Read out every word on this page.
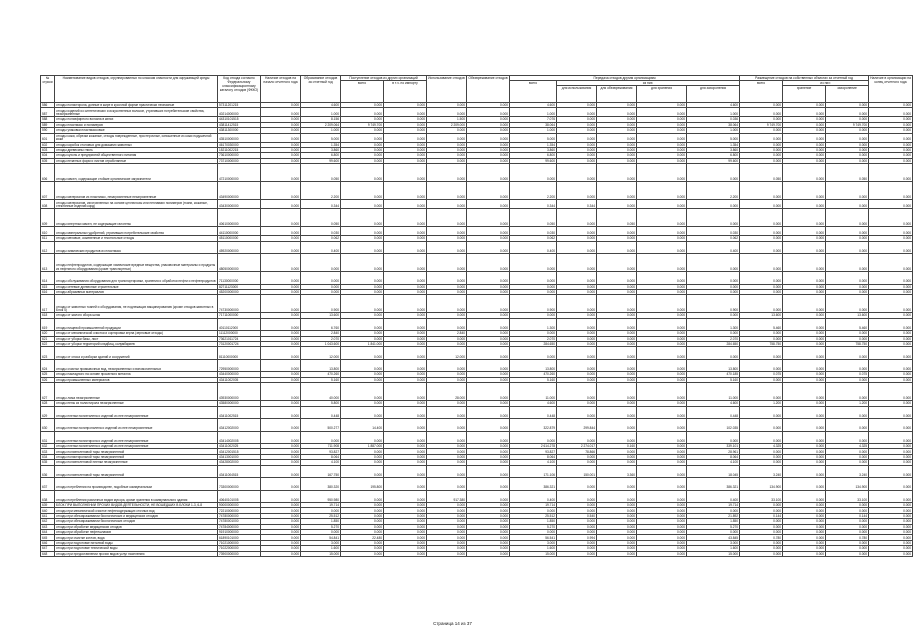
№ строки	Наименование видов отходов, сгруппированных по классам опасности для окружающей среды	Код отхода согласно Федеральному классификационному каталогу отходов (ФККО)	Наличие отходов на начало отчетного года	Образование отходов за отчетный год	Поступление отходов из других организаций		Использование отходов	Обезвреживание отходов	Передача отходов другим организациям					Размещение отходов на собственных объектах за отчетный год			Наличие в организации на конец отчетного года
					всего	в т.ч. по импорту			всего	из них:				всего	из них:		
										для использования	для обезвреживания	для хранения	для захоронения		хранение	захоронение	
586	отходы полистирола, донные в жире в кусочной форме практически неопасные	57311201215	0.000	4.600	0.000	0.000	0.000	0.000	4.600	0.000	0.000	0.000	4.600	0.000	0.000	0.000	0.000
587	отходы изделий из синтетических и искусственных волокон, утративших потребительские свойства, незагрязненные	40214000000	0.000	1.000	0.000	0.000	0.000	0.000	1.000	0.000	0.000	0.000	1.000	0.000	0.000	0.000	0.000
588	отходы полиэфирного волокна в кипах	44310101515	0.000	8.156	0.000	0.000	1.500	0.000	7.076	0.000	0.000	0.000	0.036	0.000	0.000	0.000	0.000
589	отходы пластмасс и полимеров	43811412515	0.000	2 209.064	9 749.700	0.000	2 209.000	0.000	38.064	0.000	0.000	0.000	38.064	9 749.700	0.000	9 749.700	0.000
590	отходы упаковки пластмассовые	43811300000	0.000	1.000	0.000	0.000	0.000	0.000	1.000	0.000	0.000	0.000	1.000	0.000	0.000	0.000	0.000
601	отходы кожи, обрезки кожаные, отходы поврежденные, простерочные, изношенные из кожи подушечной кожи	43510000000	0.000	5.000	0.000	0.000	0.000	0.000	5.000	0.000	0.000	0.000	5.000	0.000	0.000	0.000	0.000
602	отходы коробок столовых для домашних животных	46170030000	0.000	1.354	0.000	0.000	0.000	0.000	1.354	0.000	0.000	0.000	1.354	0.000	0.000	0.000	0.000
603	отходы древесины гниль	15211002215	0.000	3.860	0.000	0.000	0.000	0.000	3.860	0.000	0.000	0.000	3.860	0.000	0.000	0.000	0.000
604	отходы кухонь и предприятий общественного питания	73610000000	0.000	6.800	0.000	0.000	0.000	0.000	6.800	0.000	0.000	0.000	6.800	0.000	0.000	0.000	0.000
605	отходы печатных форм и листов отработанные	73710000000	0.000	99.600	0.000	0.000	0.000	0.000	99.600	0.000	0.000	0.000	99.600	0.000	0.000	0.000	0.000
606	отходы масел, содержащие стойкие органические загрязнители	47210000000	0.000	0.050	0.000	0.000	0.000	0.000	0.000	0.000	0.000	0.000	0.000	0.050	0.000	0.050	0.000
607	отходы материалов из пластмасс, незагрязненные незагрязненные	43490000000	0.000	2.200	0.000	0.000	0.000	0.000	2.200	0.000	0.000	0.000	2.200	0.000	0.000	0.000	0.000
608	отходы материалов, изготовленных на основе целлюлозы или неплавких полимеров (ткани, кожаные, стеклянные изделий корд)	43430000000	0.000	0.344	0.000	0.000	0.000	0.000	0.344	0.344	0.000	0.000	0.000	0.000	0.000	0.000	0.000
609	отходы инертных масел, не содержащие галогены	40610000000	0.000	0.050	0.000	0.000	0.000	0.000	0.050	0.000	0.050	0.000	0.000	0.000	0.000	0.000	0.000
610	отходы минеральных удобрений, утративших потребительские свойства	44110000000	0.000	0.030	0.000	0.000	0.000	0.000	0.030	0.000	0.000	0.000	0.030	0.000	0.000	0.000	0.000
611	отходы меховые, кожевенные и текстильные отходы	45110000000	0.000	0.062	0.000	0.000	0.000	0.000	0.062	0.000	0.000	0.000	0.062	0.000	0.000	0.000	0.000
612	отходы химических продуктов из пластмасс	45920000000	0.000	0.400	0.000	0.000	0.000	0.000	0.400	0.000	0.000	0.000	0.400	0.000	0.000	0.000	0.000
613	отходы нефтепродуктов, содержащие химические вредные вещества, упаковочные материалы и продукты из нефтяного оборудования (кроме транспортных)	48050000000	0.000	0.000	0.000	0.000	0.000	0.000	0.000	0.000	0.000	0.000	0.000	0.000	0.000	0.000	0.000
614	отходы обслуживания оборудования для транспортировки, хранения и обработки нефти и нефтепродуктов	71130000000	0.000	0.000	0.000	0.000	0.000	0.000	0.000	0.000	0.000	0.000	0.000	0.000	0.000	0.000	0.000
615	отходы сетевые древесные строительные	82711123000	0.000	0.000	0.000	0.000	0.000	0.000	0.000	0.000	0.000	0.000	0.000	0.000	0.000	0.000	0.000
616	отходы абразивных материалов	45200000000	0.000	0.000	0.000	0.000	0.000	0.000	0.000	0.000	0.000	0.000	0.000	0.000	0.000	0.000	0.000
617	отходы от животных тканей и оборудования, не подлежащих вакцинированию (кроме отходов животных в Блок 4)	74730000000	0.000	0.900	0.000	0.000	0.000	0.000	0.900	0.000	0.000	0.000	0.900	0.000	0.000	0.000	0.000
618	отходы от жилого сбора шлак	71711000000	0.000	13.600	0.000	0.000	0.000	0.000	0.000	0.000	0.000	0.000	0.000	13.600	0.000	13.600	0.000
619	отходы пищевой промышленной продукции	40110112000	0.000	6.760	0.000	0.000	0.000	0.000	1.300	0.000	0.000	0.000	1.300	5.460	0.000	5.460	0.000
620	отходы от механической очистки и сортировки зерна (зерновые отходы)	11112000000	0.000	2.840	0.000	0.000	2.840	0.000	0.000	0.000	0.000	0.000	0.000	0.000	0.000	0.000	0.000
621	отходы от уборки базы, лист	73621011724	0.000	2.070	0.000	0.000	0.000	0.000	2.070	0.000	0.000	0.000	2.070	0.000	0.000	0.000	0.000
622	отходы от уборки территорий кладбищ, колумбариев	73120001724	0.000	1 043.600	1 841.000	0.000	0.000	0.000	284.650	0.000	0.000	0.000	284.650	758.750	0.000	758.750	0.000
623	отходы от сноса и разборки зданий и сооружений	81110000000	0.000	12.000	0.000	0.000	12.000	0.000	0.000	0.000	0.000	0.000	0.000	0.000	0.000	0.000	0.000
624	отходы очистки промывочных вод, незагрязненных и вспомогательных	72950000000	0.000	13.800	0.000	0.000	0.000	0.000	13.800	0.000	0.000	0.000	13.800	0.000	0.000	0.000	0.000
625	отходы накладного на основе прокатного металла	43440000000	0.000	470.260	0.000	0.000	0.000	0.000	470.260	0.000	0.000	0.000	470.185	0.075	0.000	0.075	0.000
626	отходы промышленных материалов	43411002005	0.000	5.160	0.000	0.000	0.000	0.000	5.160	0.000	0.000	0.000	5.160	0.000	0.000	0.000	0.000
627	отходы лома незагрязненные	43930000000	0.000	40.000	0.000	0.000	28.000	0.000	11.000	0.000	0.000	0.000	11.000	0.000	0.000	0.000	0.000
628	отходы пены из полистирола незагрязненные	43580000000	0.000	5.800	0.000	0.000	0.000	0.000	4.600	0.000	0.000	0.000	4.600	1.200	0.000	1.200	0.000
629	отходы пленки полиэтилена и изделий из нее незагрязненные	43411002515	0.000	0.448	0.000	0.000	0.000	0.000	0.448	0.000	0.000	0.000	0.448	0.000	0.000	0.000	0.000
630	отходы пленки полипропилена и изделий из нее незагрязненные	43412002000	0.000	500.277	14.400	0.000	0.000	0.000	322.879	299.844	0.000	0.000	102.035	0.000	0.000	0.000	0.000
631	отходы пленки полистирола и изделий из нее незагрязненные	43414002005	0.000	0.000	0.000	0.000	0.000	0.000	0.000	0.000	0.000	0.000	0.000	0.000	0.000	0.000	0.000
632	отходы пленки полиэтилена и изделий из нее незагрязненные	43411002025	0.000	711.908	1 887.000	0.000	0.000	0.000	2 614.278	2 274.017	0.160	0.000	339.101	4.325	0.000	4.325	0.000
633	отходы полиэтиленовой тары незагрязненной	43412001515	0.000	93.827	0.000	0.000	0.000	0.000	93.827	78.866	0.000	0.000	28.961	0.000	0.000	0.000	0.000
634	отходы полистирольной тары незагрязненной	43413001000	0.000	8.064	0.000	0.000	0.000	0.000	8.064	0.000	0.000	0.000	8.064	0.000	0.000	0.000	0.000
635	отходы полиэтиленовой пленки незагрязненные	43428002000	0.000	4.100	0.000	0.000	0.000	0.000	4.100	0.000	0.000	0.000	4.100	0.000	0.000	0.000	0.000
636	отходы полиэтиленовой тары незагрязненной	43411004515	0.000	167.750	0.000	0.000	0.000	0.000	171.106	150.001	3.360	0.000	18.045	3.240	0.000	3.240	0.000
637	отходы потребления на производстве, подобные коммунальным	73300000000	0.000	380.320	195.800	0.000	0.000	0.000	386.321	0.000	0.000	0.000	386.321	134.900	0.000	134.900	0.000
638	отходы потребления различных видов мусора, кроме хранения в коммунального здания	40640101005	0.000	950.980	0.000	0.000	917.380	0.000	0.400	0.000	0.000	0.000	0.400	33.100	0.000	33.100	0.000
639	БЛОК ПРИ ВЫПОЛНЕНИИ ПРОЧИХ ВИДОВ ДЕЯТЕЛЬНОСТИ, НЕ ВОШЕДШИХ В БЛОКИ 1-3, 6-8	90000000000	0.000	19.714	0.000	0.000	0.000	0.000	19.714	0.000	0.000	0.000	19.714	0.000	0.000	0.000	0.000
640	отходы при механической очистке нефтесодержащих сточных вод	72210000000	0.000	0.000	0.000	0.000	0.000	0.000	0.000	0.000	0.000	0.000	0.000	0.000	0.000	0.000	0.000
641	отходы при обеззараживании биологических и медицинских отходов	74780000000	0.000	25.512	0.000	0.000	0.000	0.000	25.512	0.540	0.000	0.000	21.892	0.144	0.000	0.144	0.000
642	отходы при обеззараживании биологических отходов	74780001000	0.000	1.850	0.000	0.000	0.000	0.000	1.850	0.000	0.000	0.000	1.850	0.000	0.000	0.000	0.000
643	отходы при обработке медицинских отходов	74784000000	0.000	5.270	0.000	0.000	0.000	0.000	5.270	0.000	0.000	0.000	5.270	0.000	0.000	0.000	0.000
644	отходы при обработке нефтешламов	91910000000	0.000	0.000	0.000	0.000	0.000	0.000	0.000	0.000	0.000	0.000	0.000	0.000	0.000	0.000	0.000
645	отходы при очистке котлов, вода	61890101000	0.000	54.841	22.480	0.000	0.000	0.000	56.541	0.994	0.000	0.000	43.845	0.780	0.000	0.780	0.000
646	отходы при подготовке питьевой воды	71021000000	0.000	3.000	0.000	0.000	0.000	0.000	3.000	0.000	0.000	0.000	3.000	0.000	0.000	0.000	0.000
647	отходы при подготовке технической воды	71022000000	0.000	1.600	0.000	0.000	0.000	0.000	1.600	0.000	0.000	0.000	1.600	0.000	0.000	0.000	0.000
648	отходы при предоставлении прочих видов услуг населению	73900000000	0.000	15.000	0.000	0.000	0.000	0.000	15.000	0.000	0.000	0.000	15.000	0.000	0.000	0.000	0.000
Страница 14 из 37
